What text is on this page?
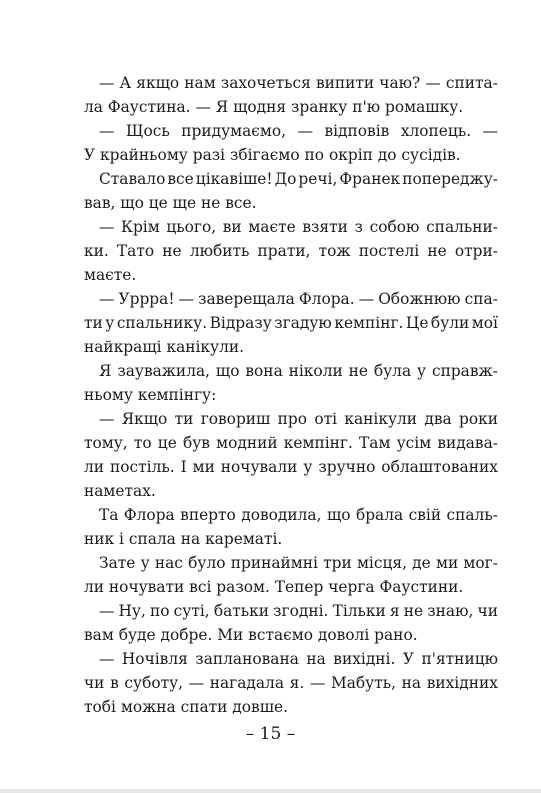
— А якщо нам захочеться випити чаю? — спита-
ла Фаустина. — Я щодня зранку п'ю ромашку.
— Щось придумаємо, — відповів хлопець. —
У крайньому разі збігаємо по окріп до сусідів.
Ставало все цікавіше! До речі, Франек попереджу-
вав, що це ще не все.
— Крім цього, ви маєте взяти з собою спальни-
ки. Тато не любить прати, тож постелі не отри-
маєте.
— Уррра! — заверещала Флора. — Обожнюю спа-
ти у спальнику. Відразу згадую кемпінг. Це були мої
найкращі канікули.
Я зауважила, що вона ніколи не була у справж-
ньому кемпінгу:
— Якщо ти говориш про оті канікули два роки
тому, то це був модний кемпінг. Там усім видава-
ли постіль. І ми ночували у зручно облаштованих
наметах.
Та Флора вперто доводила, що брала свій спаль-
ник і спала на карематі.
Зате у нас було принаймні три місця, де ми мог-
ли ночувати всі разом. Тепер черга Фаустини.
— Ну, по суті, батьки згодні. Тільки я не знаю, чи
вам буде добре. Ми встаємо доволі рано.
— Ночівля запланована на вихідні. У п'ятницю
чи в суботу, — нагадала я. — Мабуть, на вихідних
тобі можна спати довше.
– 15 –
